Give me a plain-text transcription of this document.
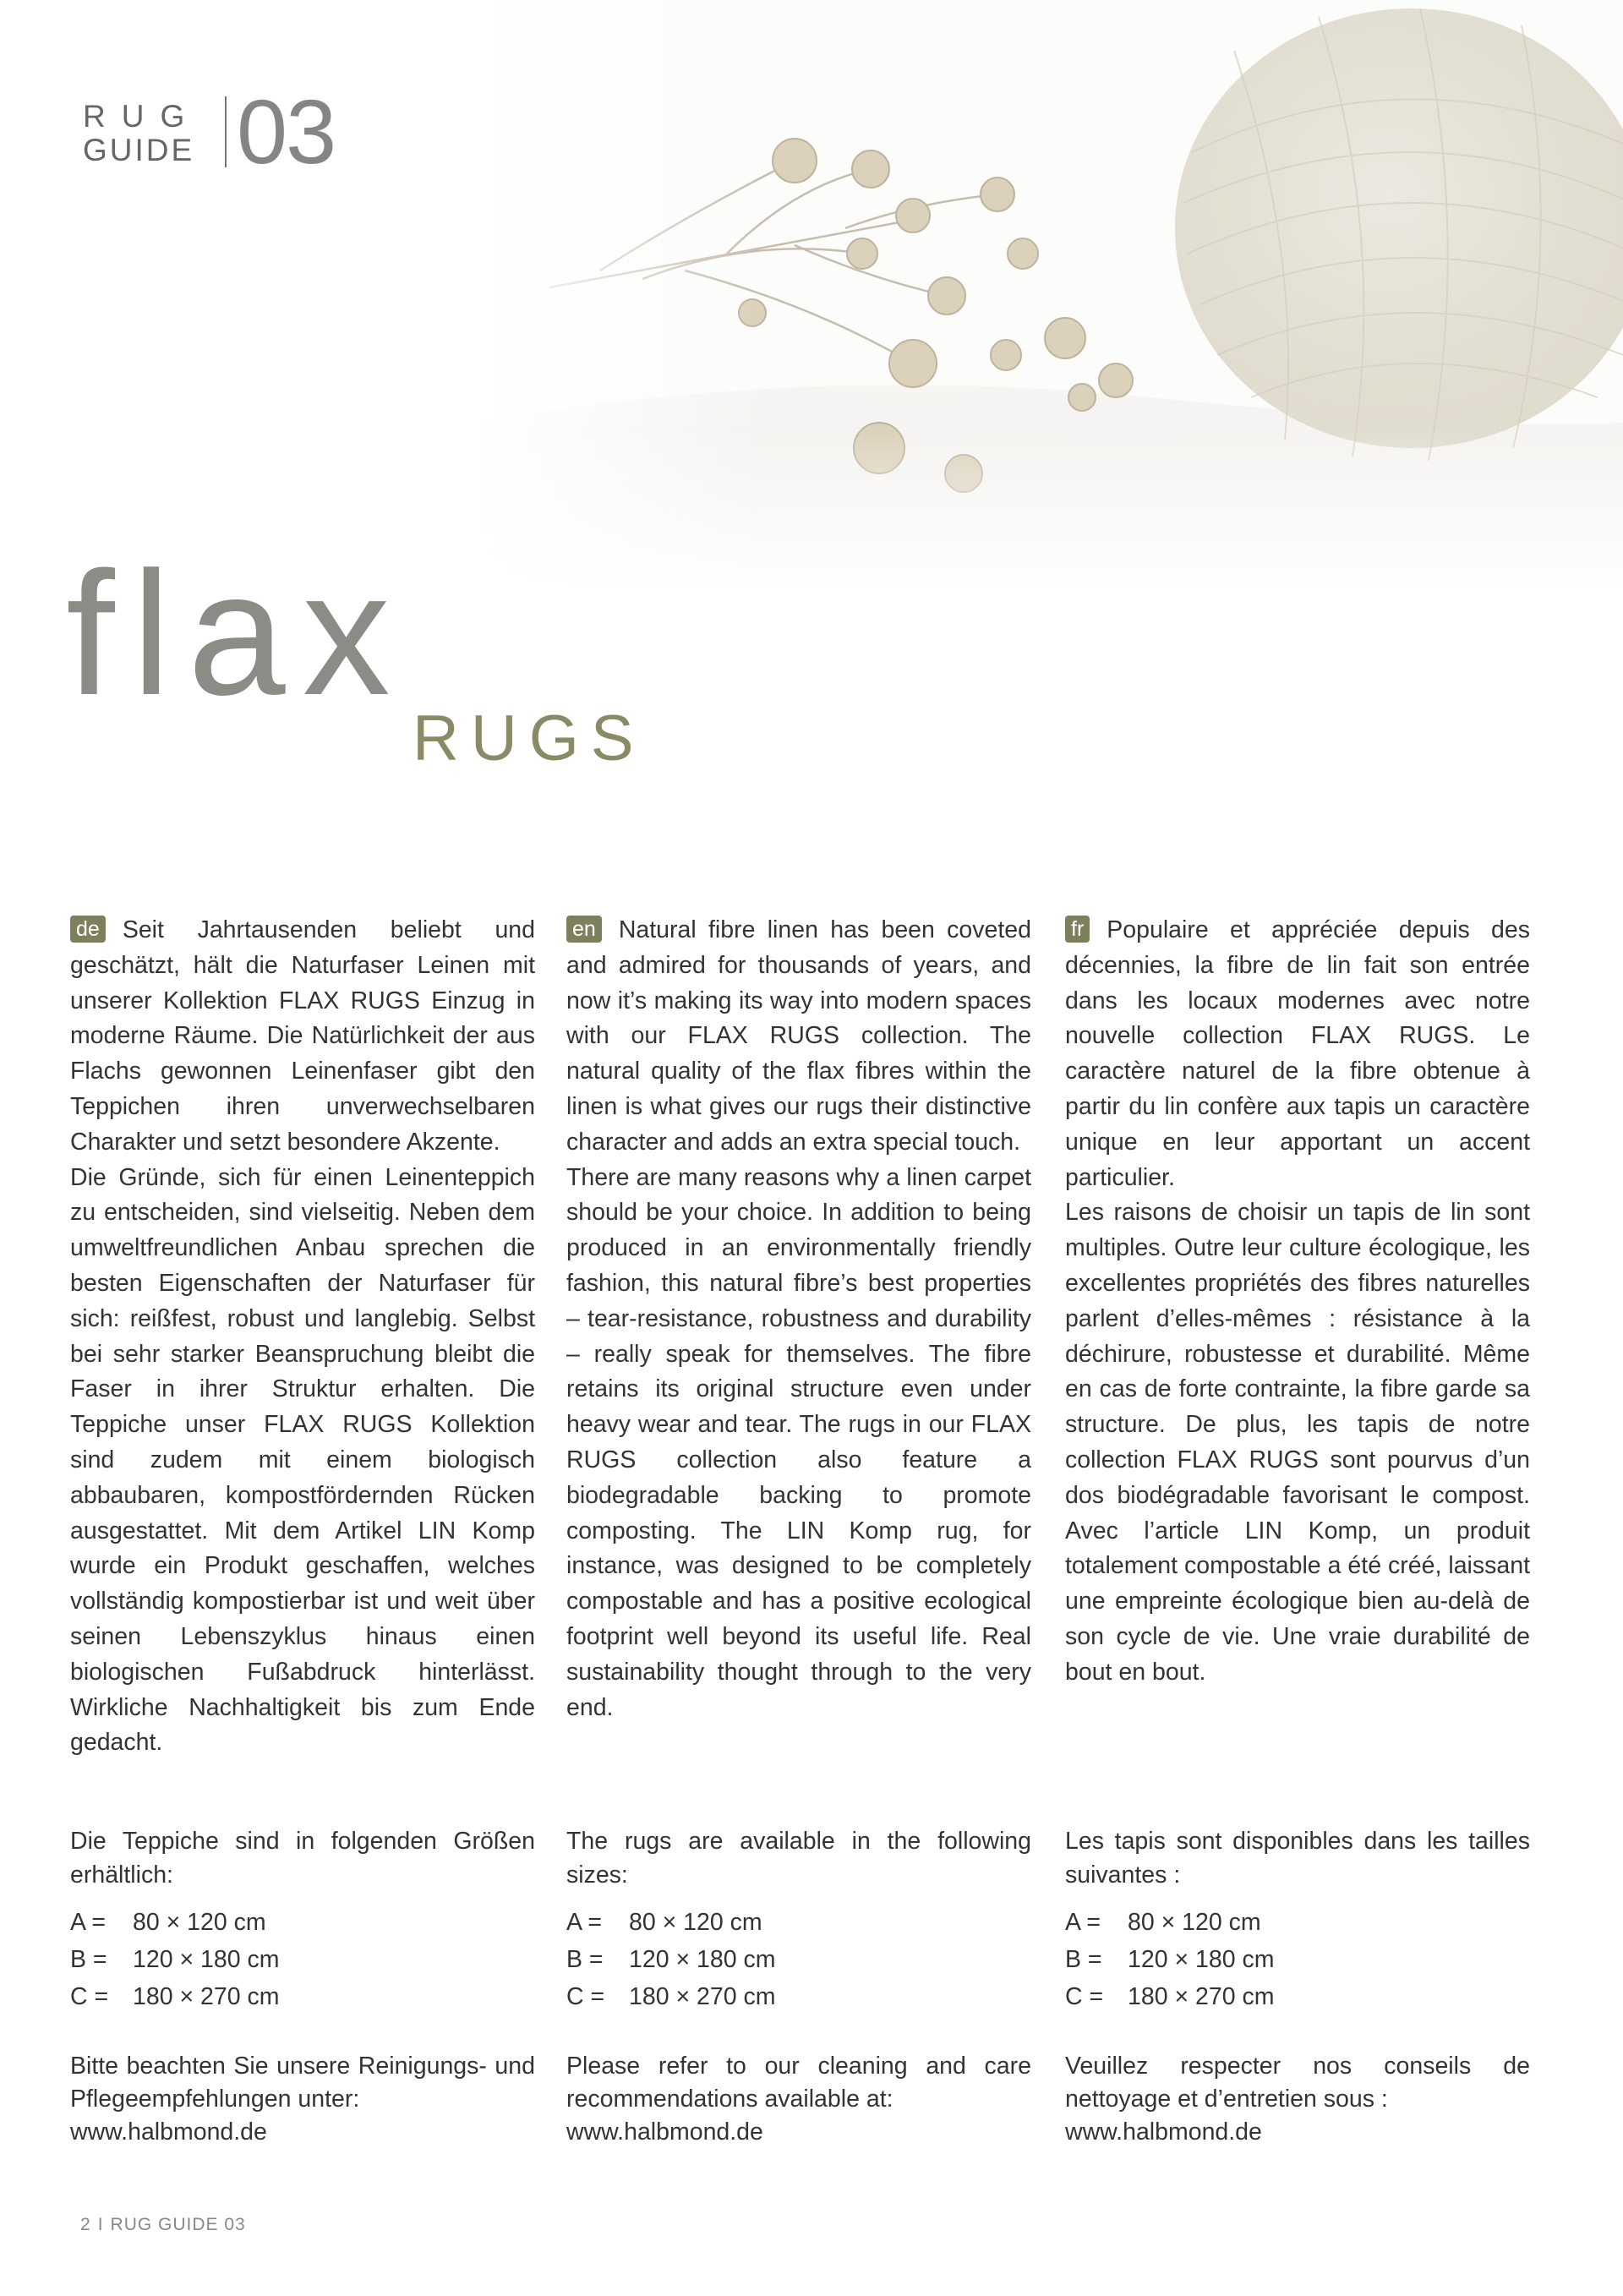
RUG
GUIDE 03
flax
RUGS

de Seit Jahrtausenden beliebt und geschätzt, hält die Naturfaser Leinen mit unserer Kollektion FLAX RUGS Einzug in moderne Räume. Die Natürlichkeit der aus Flachs gewonnen Leinenfaser gibt den Teppichen ihren unverwechselbaren Charakter und setzt besondere Akzente.

Die Gründe, sich für einen Leinenteppich zu entscheiden, sind vielseitig. Neben dem umweltfreundlichen Anbau sprechen die besten Eigenschaften der Naturfaser für sich: reißfest, robust und langlebig. Selbst bei sehr starker Beanspruchung bleibt die Faser in ihrer Struktur erhalten. Die Teppiche unser FLAX RUGS Kollektion sind zudem mit einem biologisch abbaubaren, kompostfördernden Rücken ausgestattet. Mit dem Artikel LIN Komp wurde ein Produkt geschaffen, welches vollständig kompostierbar ist und weit über seinen Lebenszyklus hinaus einen biologischen Fußabdruck hinterlässt. Wirkliche Nachhaltigkeit bis zum Ende gedacht.

en Natural fibre linen has been coveted and admired for thousands of years, and now it’s making its way into modern spaces with our FLAX RUGS collection. The natural quality of the flax fibres within the linen is what gives our rugs their distinctive character and adds an extra special touch.

There are many reasons why a linen carpet should be your choice. In addition to being produced in an environmentally friendly fashion, this natural fibre’s best properties – tear-resistance, robustness and durability – really speak for themselves. The fibre retains its original structure even under heavy wear and tear. The rugs in our FLAX RUGS collection also feature a biodegradable backing to promote composting. The LIN Komp rug, for instance, was designed to be completely compostable and has a positive ecological footprint well beyond its useful life. Real sustainability thought through to the very end.

fr Populaire et appréciée depuis des décennies, la fibre de lin fait son entrée dans les locaux modernes avec notre nouvelle collection FLAX RUGS. Le caractère naturel de la fibre obtenue à partir du lin confère aux tapis un caractère unique en leur apportant un accent particulier.

Les raisons de choisir un tapis de lin sont multiples. Outre leur culture écologique, les excellentes propriétés des fibres naturelles parlent d’elles-mêmes : résistance à la déchirure, robustesse et durabilité. Même en cas de forte contrainte, la fibre garde sa structure. De plus, les tapis de notre collection FLAX RUGS sont pourvus d’un dos biodégradable favorisant le compost. Avec l’article LIN Komp, un produit totalement compostable a été créé, laissant une empreinte écologique bien au-delà de son cycle de vie. Une vraie durabilité de bout en bout.

Die Teppiche sind in folgenden Größen erhältlich:

A = 80 × 120 cm
B = 120 × 180 cm
C = 180 × 270 cm

The rugs are available in the following sizes:

A = 80 × 120 cm
B = 120 × 180 cm
C = 180 × 270 cm

Les tapis sont disponibles dans les tailles suivantes :

A = 80 × 120 cm
B = 120 × 180 cm
C = 180 × 270 cm

Bitte beachten Sie unsere Reinigungs- und Pflegeempfehlungen unter:

www.halbmond.de

Please refer to our cleaning and care recommendations available at:

www.halbmond.de

Veuillez respecter nos conseils de nettoyage et d’entretien sous :

www.halbmond.de

2 I RUG GUIDE 03
